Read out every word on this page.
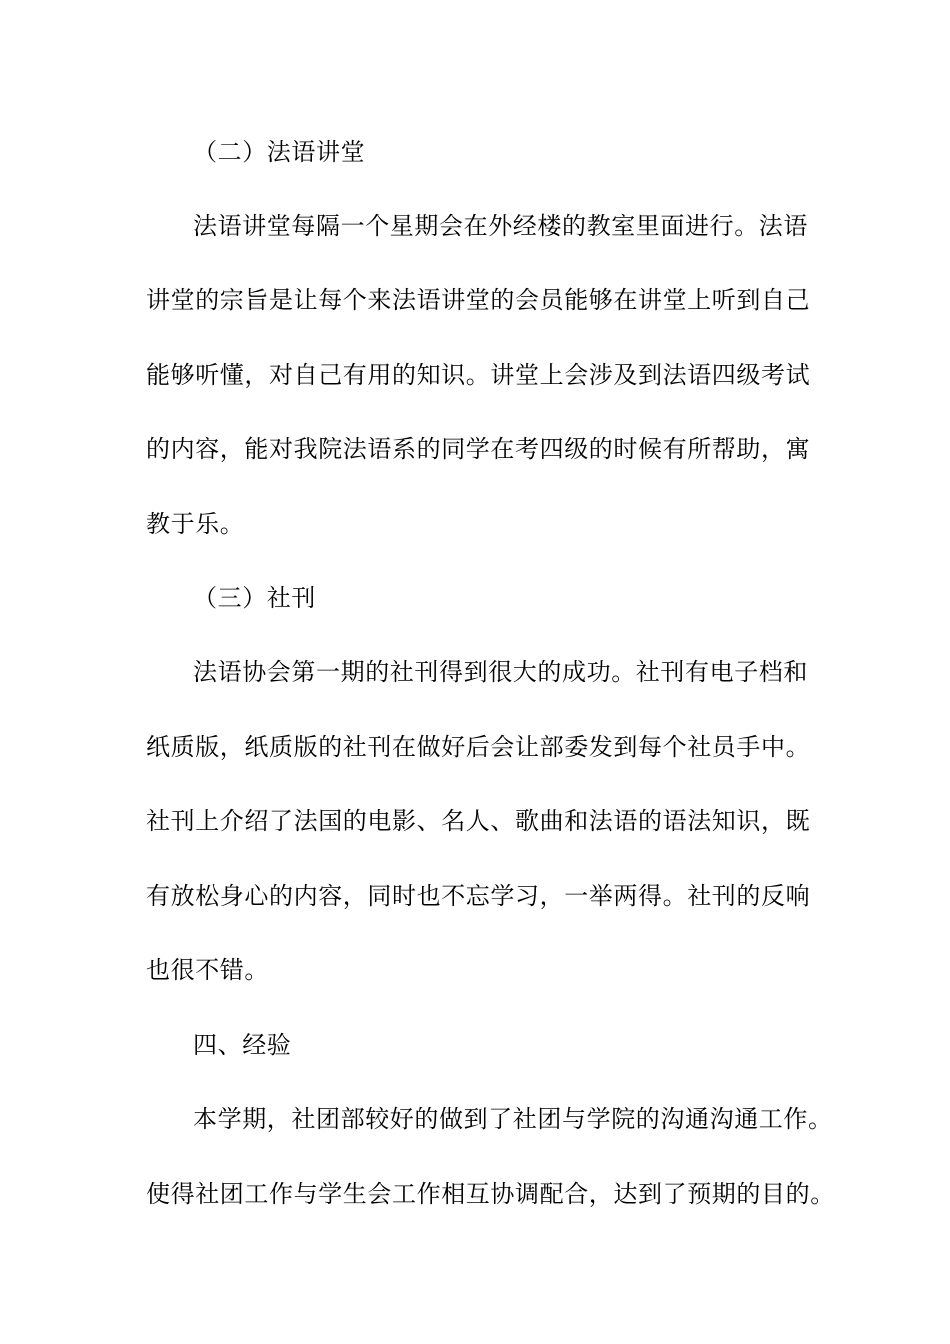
（二）法语讲堂
法语讲堂每隔一个星期会在外经楼的教室里面进行。法语
讲堂的宗旨是让每个来法语讲堂的会员能够在讲堂上听到自己
能够听懂，对自己有用的知识。讲堂上会涉及到法语四级考试
的内容，能对我院法语系的同学在考四级的时候有所帮助，寓
教于乐。
（三）社刊
法语协会第一期的社刊得到很大的成功。社刊有电子档和
纸质版，纸质版的社刊在做好后会让部委发到每个社员手中。
社刊上介绍了法国的电影、名人、歌曲和法语的语法知识，既
有放松身心的内容，同时也不忘学习，一举两得。社刊的反响
也很不错。
四、经验
本学期，社团部较好的做到了社团与学院的沟通沟通工作。
使得社团工作与学生会工作相互协调配合，达到了预期的目的。
